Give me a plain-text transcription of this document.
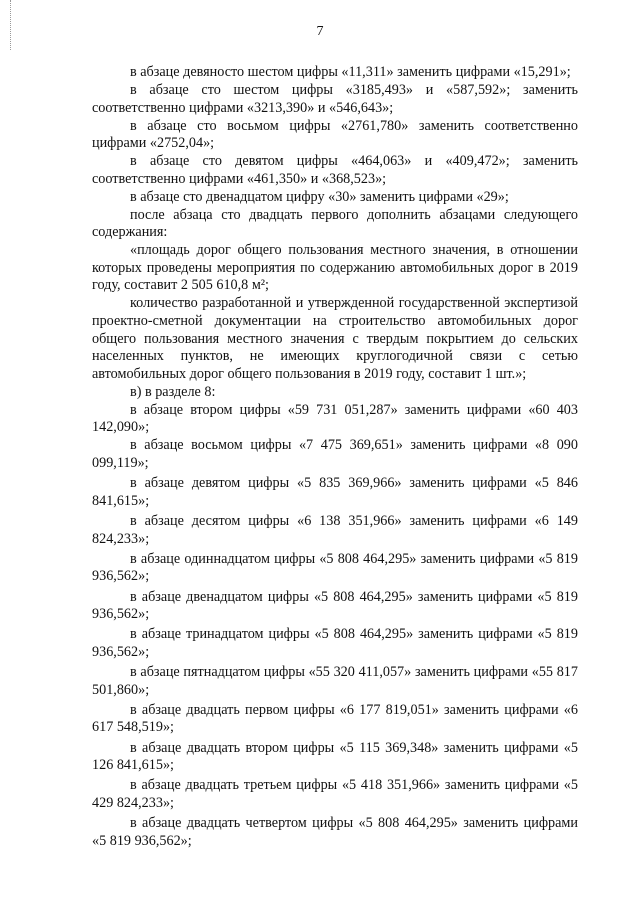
7

в абзаце девяносто шестом цифры «11,311» заменить цифрами «15,291»;

в абзаце сто шестом цифры «3185,493» и «587,592»; заменить соответственно цифрами «3213,390» и «546,643»;

в абзаце сто восьмом цифры «2761,780» заменить соответственно цифрами «2752,04»;

в абзаце сто девятом цифры «464,063» и «409,472»; заменить соответственно цифрами «461,350» и «368,523»;

в абзаце сто двенадцатом цифру «30» заменить цифрами «29»;

после абзаца сто двадцать первого дополнить абзацами следующего содержания:

«площадь дорог общего пользования местного значения, в отношении которых проведены мероприятия по содержанию автомобильных дорог в 2019 году, составит 2 505 610,8 м²;

количество разработанной и утвержденной государственной экспертизой проектно-сметной документации на строительство автомобильных дорог общего пользования местного значения с твердым покрытием до сельских населенных пунктов, не имеющих круглогодичной связи с сетью автомобильных дорог общего пользования в 2019 году, составит 1 шт.»;

в) в разделе 8:

в абзаце втором цифры «59 731 051,287» заменить цифрами «60 403 142,090»;

в абзаце восьмом цифры «7 475 369,651» заменить цифрами «8 090 099,119»;

в абзаце девятом цифры «5 835 369,966» заменить цифрами «5 846 841,615»;

в абзаце десятом цифры «6 138 351,966» заменить цифрами «6 149 824,233»;

в абзаце одиннадцатом цифры «5 808 464,295» заменить цифрами «5 819 936,562»;

в абзаце двенадцатом цифры «5 808 464,295» заменить цифрами «5 819 936,562»;

в абзаце тринадцатом цифры «5 808 464,295» заменить цифрами «5 819 936,562»;

в абзаце пятнадцатом цифры «55 320 411,057» заменить цифрами «55 817 501,860»;

в абзаце двадцать первом цифры «6 177 819,051» заменить цифрами «6 617 548,519»;

в абзаце двадцать втором цифры «5 115 369,348» заменить цифрами «5 126 841,615»;

в абзаце двадцать третьем цифры «5 418 351,966» заменить цифрами «5 429 824,233»;

в абзаце двадцать четвертом цифры «5 808 464,295» заменить цифрами «5 819 936,562»;
